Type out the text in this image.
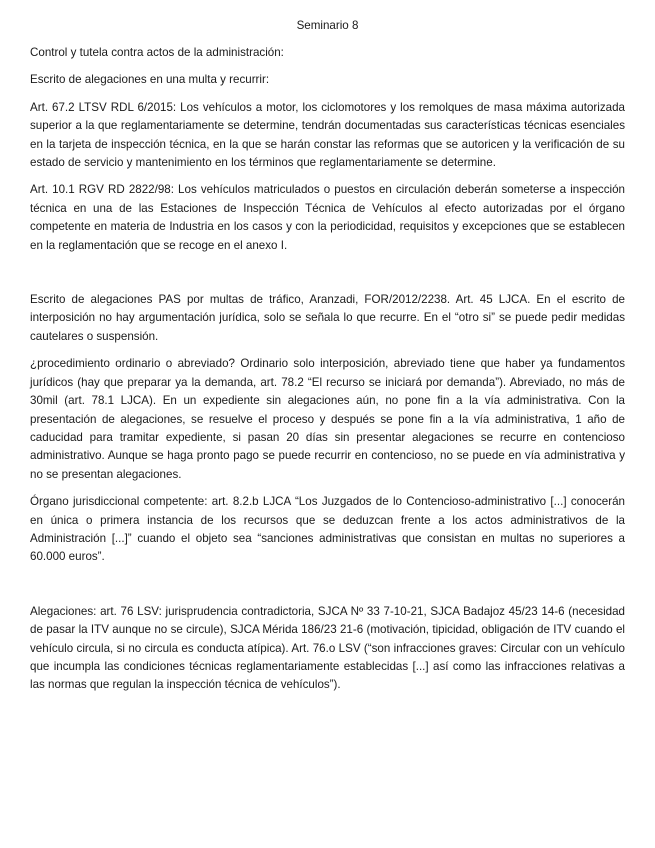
Seminario 8

Control y tutela contra actos de la administración:

Escrito de alegaciones en una multa y recurrir:

Art. 67.2 LTSV RDL 6/2015: Los vehículos a motor, los ciclomotores y los remolques de masa máxima autorizada superior a la que reglamentariamente se determine, tendrán documentadas sus características técnicas esenciales en la tarjeta de inspección técnica, en la que se harán constar las reformas que se autoricen y la verificación de su estado de servicio y mantenimiento en los términos que reglamentariamente se determine.

Art. 10.1 RGV RD 2822/98: Los vehículos matriculados o puestos en circulación deberán someterse a inspección técnica en una de las Estaciones de Inspección Técnica de Vehículos al efecto autorizadas por el órgano competente en materia de Industria en los casos y con la periodicidad, requisitos y excepciones que se establecen en la reglamentación que se recoge en el anexo I.

Escrito de alegaciones PAS por multas de tráfico, Aranzadi, FOR/2012/2238. Art. 45 LJCA. En el escrito de interposición no hay argumentación jurídica, solo se señala lo que recurre. En el “otro si” se puede pedir medidas cautelares o suspensión.

¿procedimiento ordinario o abreviado? Ordinario solo interposición, abreviado tiene que haber ya fundamentos jurídicos (hay que preparar ya la demanda, art. 78.2 “El recurso se iniciará por demanda”). Abreviado, no más de 30mil (art. 78.1 LJCA). En un expediente sin alegaciones aún, no pone fin a la vía administrativa. Con la presentación de alegaciones, se resuelve el proceso y después se pone fin a la vía administrativa, 1 año de caducidad para tramitar expediente, si pasan 20 días sin presentar alegaciones se recurre en contencioso administrativo. Aunque se haga pronto pago se puede recurrir en contencioso, no se puede en vía administrativa y no se presentan alegaciones.

Órgano jurisdiccional competente: art. 8.2.b LJCA “Los Juzgados de lo Contencioso-administrativo [...] conocerán en única o primera instancia de los recursos que se deduzcan frente a los actos administrativos de la Administración [...]” cuando el objeto sea “sanciones administrativas que consistan en multas no superiores a 60.000 euros”.

Alegaciones: art. 76 LSV: jurisprudencia contradictoria, SJCA Nº 33 7-10-21, SJCA Badajoz 45/23 14-6 (necesidad de pasar la ITV aunque no se circule), SJCA Mérida 186/23 21-6 (motivación, tipicidad, obligación de ITV cuando el vehículo circula, si no circula es conducta atípica). Art. 76.o LSV (“son infracciones graves: Circular con un vehículo que incumpla las condiciones técnicas reglamentariamente establecidas [...] así como las infracciones relativas a las normas que regulan la inspección técnica de vehículos”).
